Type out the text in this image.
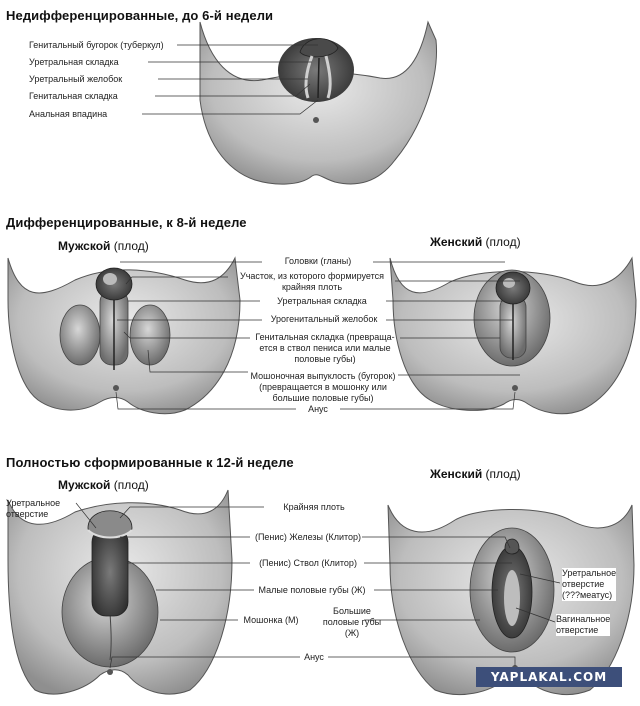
Недифференцированные, до 6-й недели
Генитальный бугорок (туберкул)
Уретральная складка
Уретральный желобок
Генитальная складка
Анальная впадина
Дифференцированные, к 8-й неделе
Мужской (плод)	Женский (плод)
Головки (гланы)
Участок, из которого формируется
крайняя плоть
Уретральная складка
Урогенитальный желобок
Генитальная складка (превраща-
ется в ствол пениса или малые
половые губы)
Мошоночная выпуклость (бугорок)
(превращается в мошонку или
большие половые губы)
Анус
Полностью сформированные к 12-й неделе
Мужской (плод)
Женский (плод)
Уретральное
отверстие
Крайняя плоть
(Пенис) Железы (Клитор)
(Пенис) Ствол (Клитор)
Малые половые губы (Ж)
Мошонка (М)
Большие
половые губы
(Ж)
Анус
Уретральное
отверстие
(???меатус)
Вагинальное
отверстие
YAPLAKAL.COM
